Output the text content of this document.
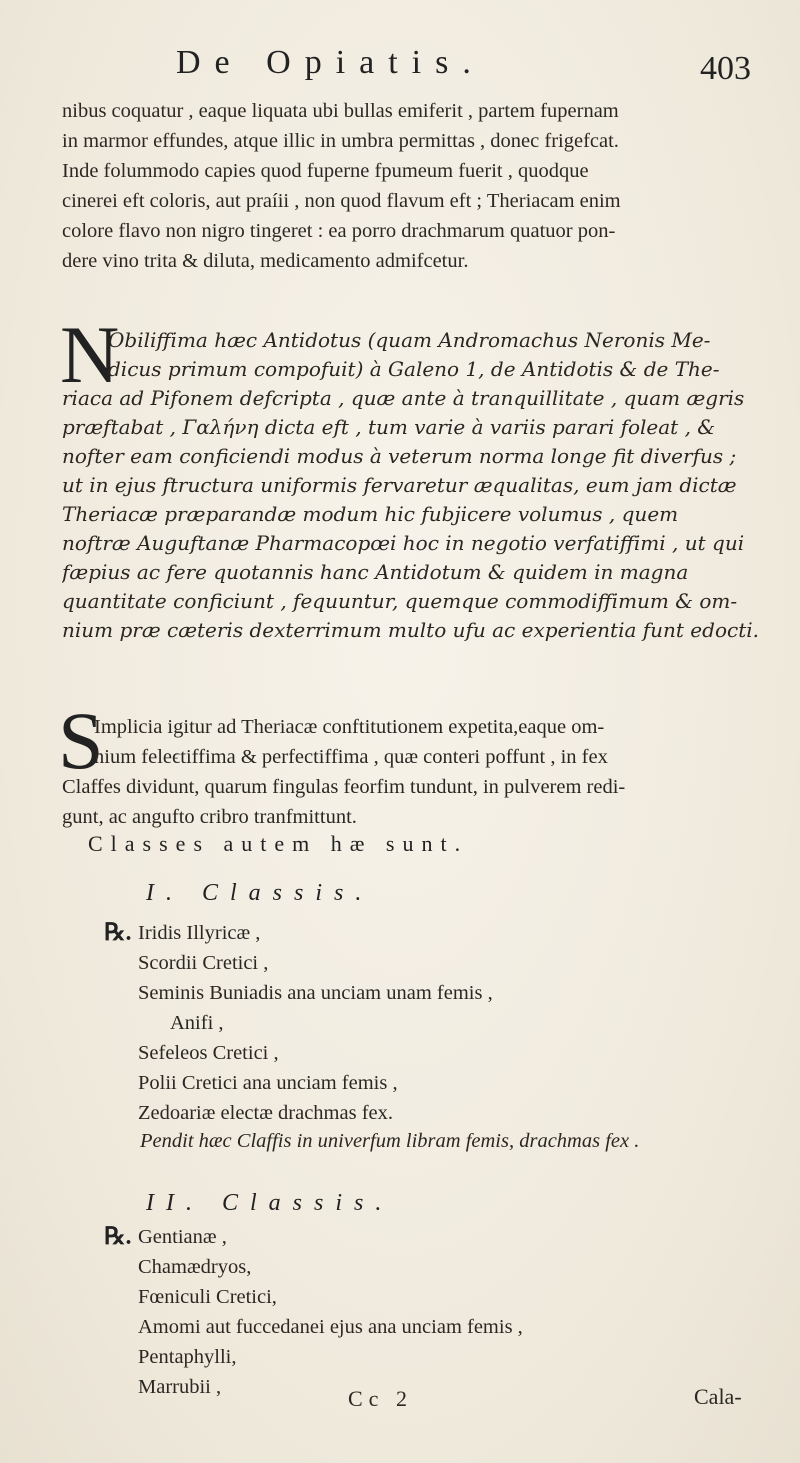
De Opiatis.	403
nibus coquatur , eaque liquata ubi bullas emiferit , partem fupernam
in marmor effundes, atque illic in umbra permittas , donec frigefcat.
Inde folummodo capies quod fuperne fpumeum fuerit , quodque
cinerei eft coloris, aut praíii , non quod flavum eft ; Theriacam enim
colore flavo non nigro tingeret : ea porro drachmarum quatuor pon-
dere vino trita & diluta, medicamento admifcetur.
N
Obiliffima hæc Antidotus (quam Andromachus Neronis Me-
dicus primum compofuit) à Galeno 1, de Antidotis & de The-
riaca ad Pifonem defcripta , quæ ante à tranquillitate , quam ægris
præftabat , Γαλήνη dicta eft , tum varie à variis parari foleat , &
nofter eam conficiendi modus à veterum norma longe fit diverfus ;
ut in ejus ftructura uniformis fervaretur æqualitas, eum jam dictæ
Theriacæ præparandæ modum hic fubjicere volumus , quem
noftræ Auguftanæ Pharmacopœi hoc in negotio verfatiffimi , ut qui
fæpius ac fere quotannis hanc Antidotum & quidem in magna
quantitate conficiunt , fequuntur, quemque commodiffimum & om-
nium præ cæteris dexterrimum multo ufu ac experientia funt edocti.
S
Implicia igitur ad Theriacæ conftitutionem expetita,eaque om-
nium feleϵtiffima & perfectiffima , quæ conteri poffunt , in fex
Claffes dividunt, quarum fingulas feorfim tundunt, in pulverem redi-
gunt, ac angufto cribro tranfmittunt.
Classes autem hæ sunt.
I. Classis.
℞. Iridis Illyricæ ,
Scordii Cretici ,
Seminis Buniadis ana unciam unam femis ,
Anifi ,
Sefeleos Cretici ,
Polii Cretici ana unciam femis ,
Zedoariæ electæ drachmas fex.
Pendit hæc Claffis in univerfum libram femis, drachmas fex .
II. Classis.
℞. Gentianæ ,
Chamædryos,
Fœniculi Cretici,
Amomi aut fuccedanei ejus ana unciam femis ,
Pentaphylli,
Marrubii ,	Cc 2	Cala-
